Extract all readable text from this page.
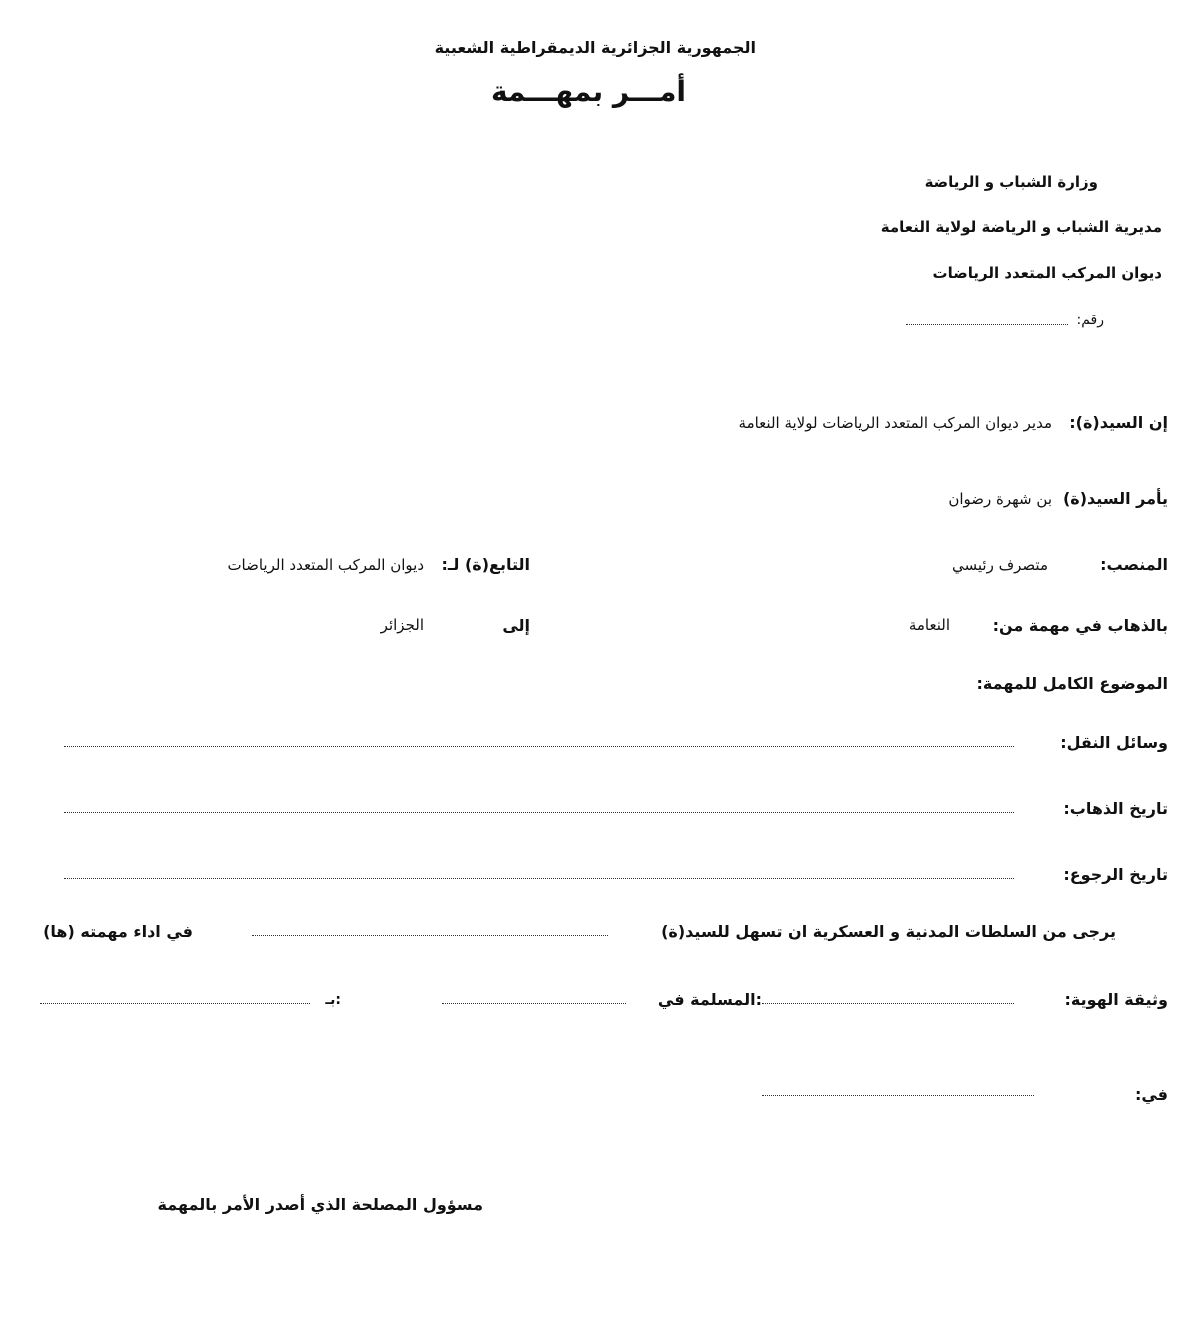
الجمهورية الجزائرية الديمقراطية الشعبية
أمـــر بمهـــمة
وزارة الشباب و الرياضة
مديرية الشباب و الرياضة لولاية النعامة
ديوان المركب المتعدد الرياضات
رقم:
إن السيد(ة):
مدير ديوان المركب المتعدد الرياضات لولاية النعامة
يأمر السيد(ة)
بن شهرة رضوان
المنصب:
متصرف رئيسي
التابع(ة) لـ:
ديوان المركب المتعدد الرياضات
بالذهاب في مهمة من:
النعامة
إلى
الجزائر
الموضوع الكامل للمهمة:
وسائل النقل:
تاريخ الذهاب:
تاريخ الرجوع:
يرجى من السلطات المدنية و العسكرية ان تسهل للسيد(ة)
في اداء مهمته (ها)
وثيقة الهوية:
:المسلمة في
:بـ
في:
مسؤول المصلحة الذي أصدر الأمر بالمهمة
